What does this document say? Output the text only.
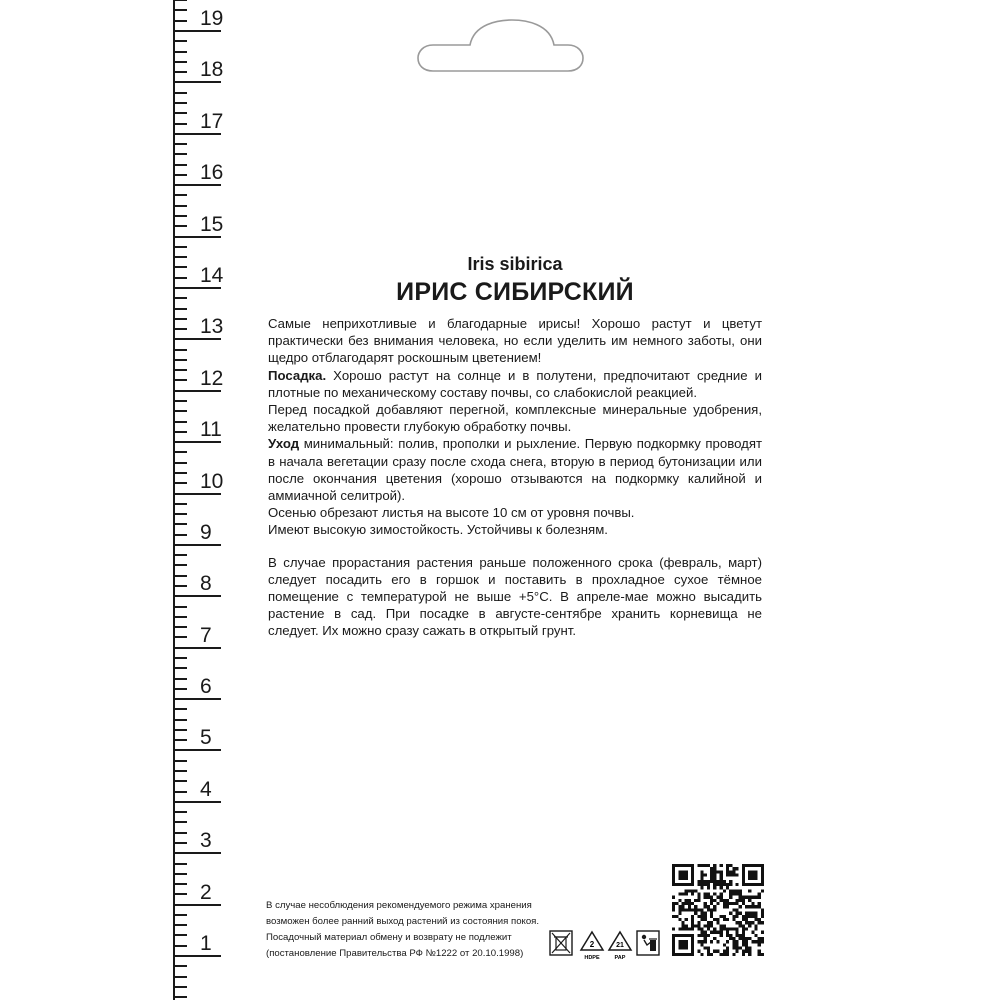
19
18
17
16
15
14
13
12
11
10
9
8
7
6
5
4
3
2
1

Iris sibirica

ИРИС СИБИРСКИЙ

Самые неприхотливые и благодарные ирисы! Хорошо растут и цветут практически без внимания человека, но если уделить им немного заботы, они щедро отблагодарят роскошным цветением!

Посадка. Хорошо растут на солнце и в полутени, предпочитают средние и плотные по механическому составу почвы, со слабокислой реакцией.

Перед посадкой добавляют перегной, комплексные минеральные удобрения, желательно провести глубокую обработку почвы.

Уход минимальный: полив, прополки и рыхление. Первую подкормку проводят в начала вегетации сразу после схода снега, вторую в период бутонизации или после окончания цветения (хорошо отзываются на подкормку калийной и аммиачной селитрой).

Осенью обрезают листья на высоте 10 см от уровня почвы.

Имеют высокую зимостойкость. Устойчивы к болезням.

В случае прорастания растения раньше положенного срока (февраль, март) следует посадить его в горшок и поставить в прохладное сухое тёмное помещение с температурой не выше +5°С. В апреле-мае можно высадить растение в сад. При посадке в августе-сентябре хранить корневища не следует. Их можно сразу сажать в открытый грунт.

В случае несоблюдения рекомендуемого режима хранения

возможен более ранний выход растений из состояния покоя.

Посадочный материал обмену и возврату не подлежит

(постановление Правительства РФ №1222 от 20.10.1998)

2
HDPE
21
PAP
